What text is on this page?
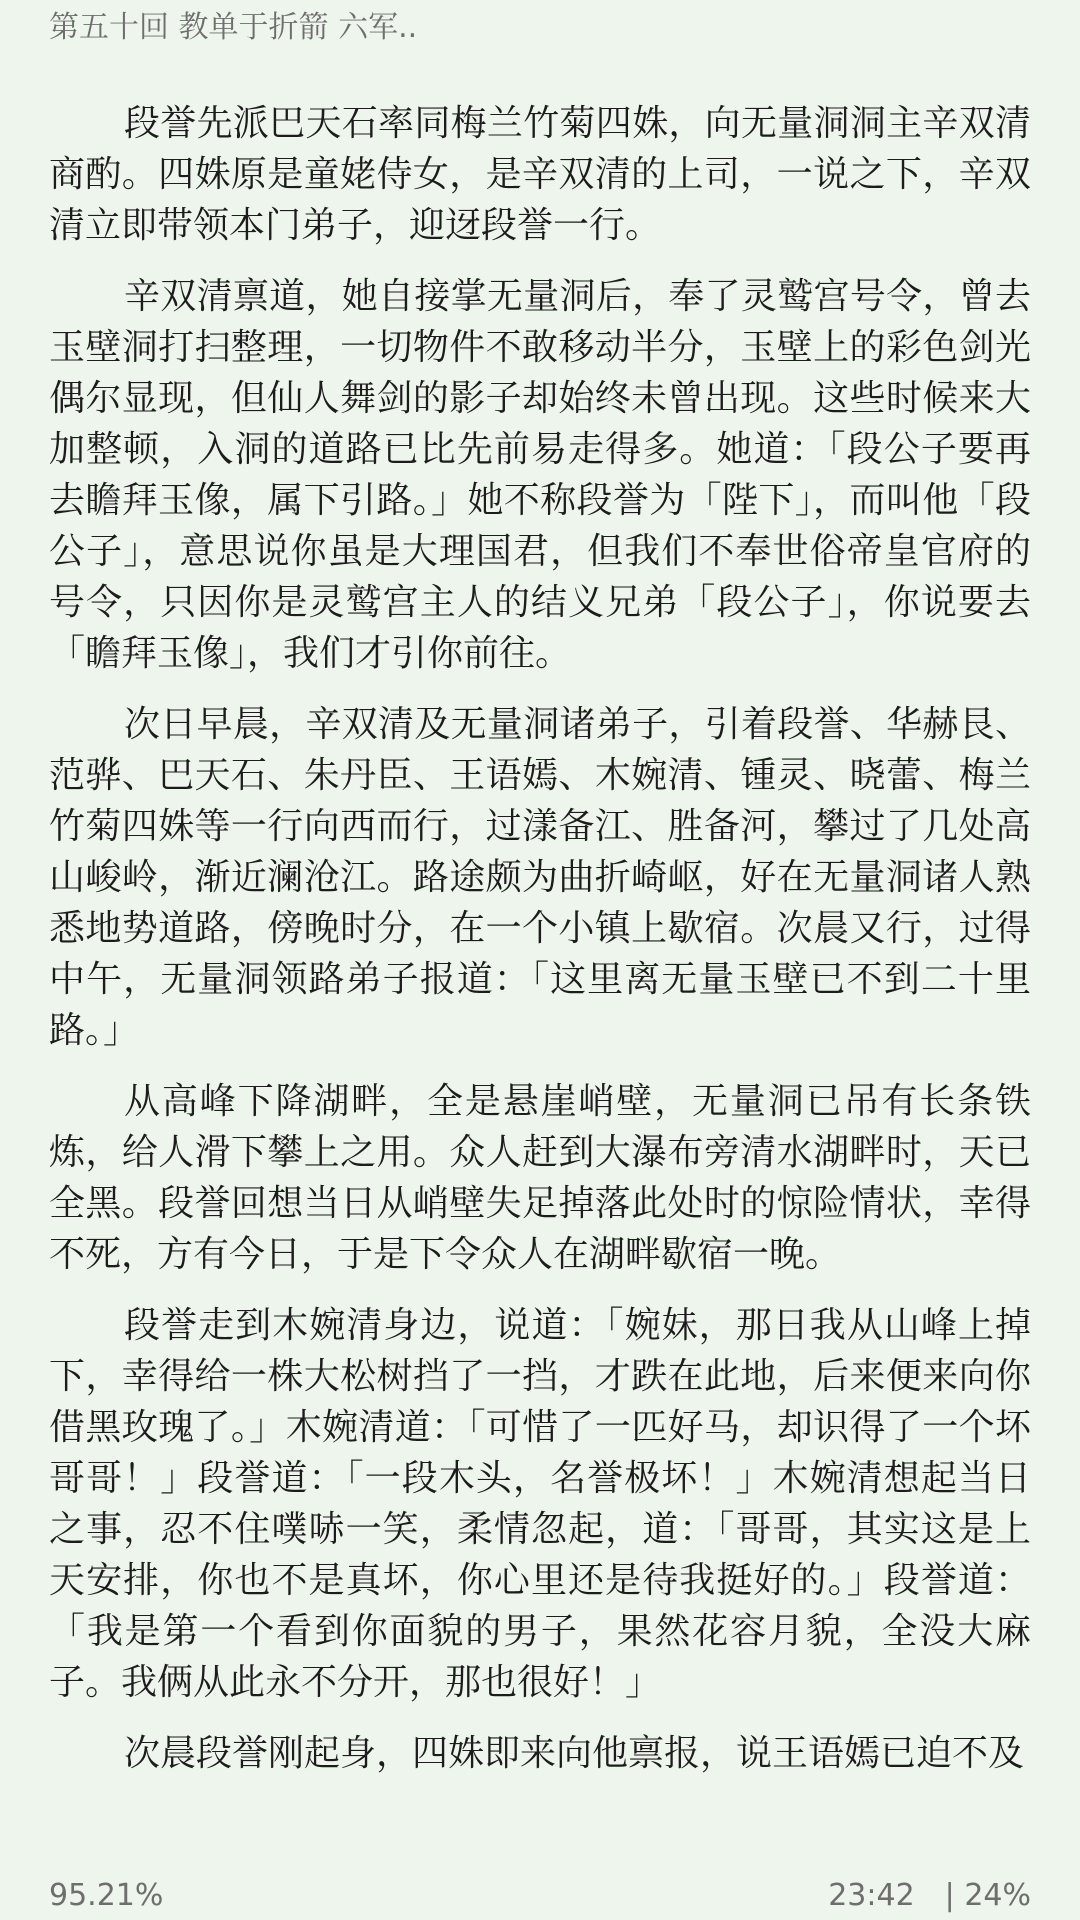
第五十回 教单于折箭 六军..

段誉先派巴天石率同梅兰竹菊四姝，向无量洞洞主辛双清商酌。四姝原是童姥侍女，是辛双清的上司，一说之下，辛双清立即带领本门弟子，迎迓段誉一行。

辛双清禀道，她自接掌无量洞后，奉了灵鹫宫号令，曾去玉壁洞打扫整理，一切物件不敢移动半分，玉壁上的彩色剑光偶尔显现，但仙人舞剑的影子却始终未曾出现。这些时候来大加整顿，入洞的道路已比先前易走得多。她道：「段公子要再去瞻拜玉像，属下引路。」她不称段誉为「陛下」，而叫他「段公子」，意思说你虽是大理国君，但我们不奉世俗帝皇官府的号令，只因你是灵鹫宫主人的结义兄弟「段公子」，你说要去「瞻拜玉像」，我们才引你前往。

次日早晨，辛双清及无量洞诸弟子，引着段誉、华赫艮、范骅、巴天石、朱丹臣、王语嫣、木婉清、锺灵、晓蕾、梅兰竹菊四姝等一行向西而行，过漾备江、胜备河，攀过了几处高山峻岭，渐近澜沧江。路途颇为曲折崎岖，好在无量洞诸人熟悉地势道路，傍晚时分，在一个小镇上歇宿。次晨又行，过得中午，无量洞领路弟子报道：「这里离无量玉壁已不到二十里路。」

从高峰下降湖畔，全是悬崖峭壁，无量洞已吊有长条铁炼，给人滑下攀上之用。众人赶到大瀑布旁清水湖畔时，天已全黑。段誉回想当日从峭壁失足掉落此处时的惊险情状，幸得不死，方有今日，于是下令众人在湖畔歇宿一晚。

段誉走到木婉清身边，说道：「婉妹，那日我从山峰上掉下，幸得给一株大松树挡了一挡，才跌在此地，后来便来向你借黑玫瑰了。」木婉清道：「可惜了一匹好马，却识得了一个坏哥哥！」段誉道：「一段木头，名誉极坏！」木婉清想起当日之事，忍不住噗哧一笑，柔情忽起，道：「哥哥，其实这是上天安排，你也不是真坏，你心里还是待我挺好的。」段誉道：「我是第一个看到你面貌的男子，果然花容月貌，全没大麻子。我俩从此永不分开，那也很好！」

次晨段誉刚起身，四姝即来向他禀报，说王语嫣已迫不及

95.21%	23:42 | 24%
